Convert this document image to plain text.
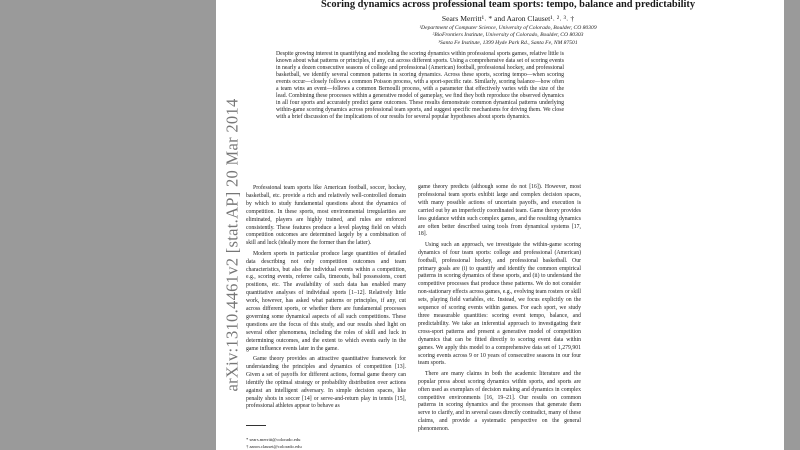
arXiv:1310.4461v2 [stat.AP] 20 Mar 2014
Scoring dynamics across professional team sports: tempo, balance and predictability
Sears Merritt¹˒ * and Aaron Clauset¹˒ ²˒ ³˒ †
¹Department of Computer Science, University of Colorado, Boulder, CO 80309
²BioFrontiers Institute, University of Colorado, Boulder, CO 80303
³Santa Fe Institute, 1399 Hyde Park Rd., Santa Fe, NM 87501
Despite growing interest in quantifying and modeling the scoring dynamics within professional sports games, relative little is known about what patterns or principles, if any, cut across different sports. Using a comprehensive data set of scoring events in nearly a dozen consecutive seasons of college and professional (American) football, professional hockey, and professional basketball, we identify several common patterns in scoring dynamics. Across these sports, scoring tempo—when scoring events occur—closely follows a common Poisson process, with a sport-specific rate. Similarly, scoring balance—how often a team wins an event—follows a common Bernoulli process, with a parameter that effectively varies with the size of the lead. Combining these processes within a generative model of gameplay, we find they both reproduce the observed dynamics in all four sports and accurately predict game outcomes. These results demonstrate common dynamical patterns underlying within-game scoring dynamics across professional team sports, and suggest specific mechanisms for driving them. We close with a brief discussion of the implications of our results for several popular hypotheses about sports dynamics.

Professional team sports like American football, soccer, hockey, basketball, etc. provide a rich and relatively well-controlled domain by which to study fundamental questions about the dynamics of competition. In these sports, most environmental irregularities are eliminated, players are highly trained, and rules are enforced consistently. These features produce a level playing field on which competition outcomes are determined largely by a combination of skill and luck (ideally more the former than the latter).

Modern sports in particular produce large quantities of detailed data describing not only competition outcomes and team characteristics, but also the individual events within a competition, e.g., scoring events, referee calls, timeouts, ball possessions, court positions, etc. The availability of such data has enabled many quantitative analyses of individual sports [1–12]. Relatively little work, however, has asked what patterns or principles, if any, cut across different sports, or whether there are fundamental processes governing some dynamical aspects of all such competitions. These questions are the focus of this study, and our results shed light on several other phenomena, including the roles of skill and luck in determining outcomes, and the extent to which events early in the game influence events later in the game.

Game theory provides an attractive quantitative framework for understanding the principles and dynamics of competition [13]. Given a set of payoffs for different actions, formal game theory can identify the optimal strategy or probability distribution over actions against an intelligent adversary. In simple decision spaces, like penalty shots in soccer [14] or serve-and-return play in tennis [15], professional athletes appear to behave as

game theory predicts (although some do not [16]). However, most professional team sports exhibit large and complex decision spaces, with many possible actions of uncertain payoffs, and execution is carried out by an imperfectly coordinated team. Game theory provides less guidance within such complex games, and the resulting dynamics are often better described using tools from dynamical systems [17, 18].

Using such an approach, we investigate the within-game scoring dynamics of four team sports: college and professional (American) football, professional hockey, and professional basketball. Our primary goals are (i) to quantify and identify the common empirical patterns in scoring dynamics of these sports, and (ii) to understand the competitive processes that produce these patterns. We do not consider non-stationary effects across games, e.g., evolving team rosters or skill sets, playing field variables, etc. Instead, we focus explicitly on the sequence of scoring events within games. For each sport, we study three measurable quantities: scoring event tempo, balance, and predictability. We take an inferential approach to investigating their cross-sport patterns and present a generative model of competition dynamics that can be fitted directly to scoring event data within games. We apply this model to a comprehensive data set of 1,279,901 scoring events across 9 or 10 years of consecutive seasons in our four team sports.

There are many claims in both the academic literature and the popular press about scoring dynamics within sports, and sports are often used as exemplars of decision making and dynamics in complex competitive environments [16, 19–21]. Our results on common patterns in scoring dynamics and the processes that generate them serve to clarify, and in several cases directly contradict, many of these claims, and provide a systematic perspective on the general phenomenon.

* sears.merritt@colorado.edu
† aaron.clauset@colorado.edu
